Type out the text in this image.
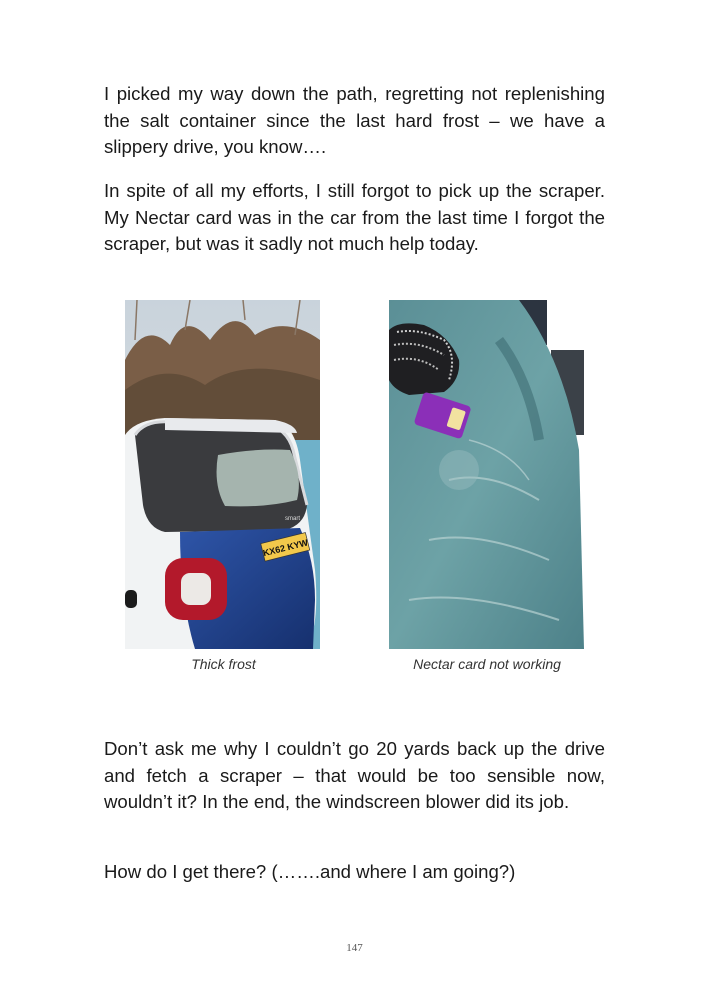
I picked my way down the path, regretting not replenishing the salt container since the last hard frost – we have a slippery drive, you know….

In spite of all my efforts, I still forgot to pick up the scraper. My Nectar card was in the car from the last time I forgot the scraper, but was it sadly not much help today.

KX62 KYW
smart
Thick frost	Nectar card not working

Don’t ask me why I couldn’t go 20 yards back up the drive and fetch a scraper – that would be too sensible now, wouldn’t it? In the end, the windscreen blower did its job.

How do I get there? (…….and where I am going?)

147
